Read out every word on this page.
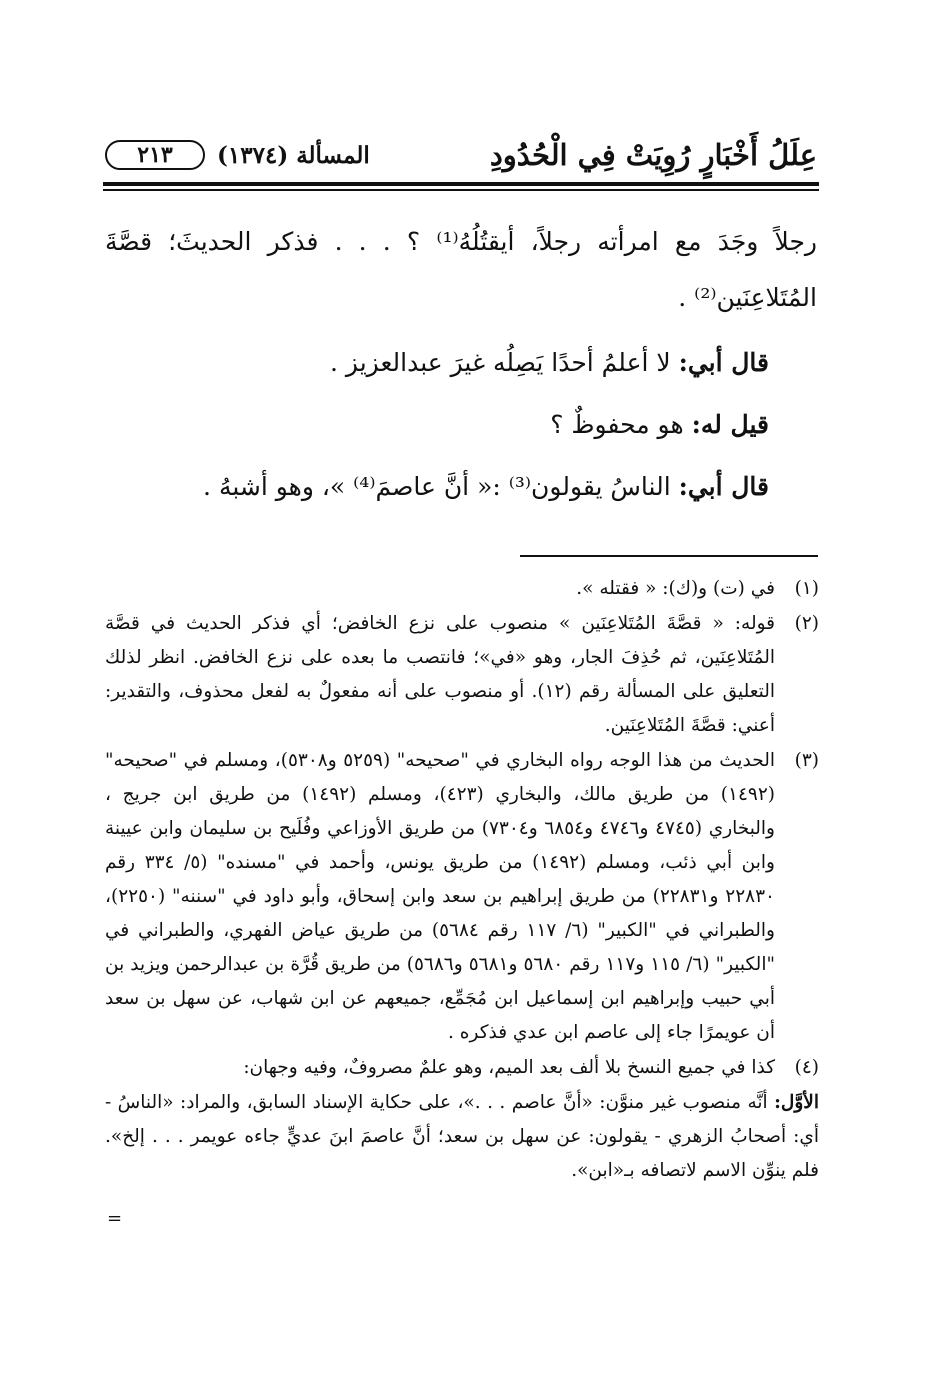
عِلَلُ أَخْبَارٍ رُوِيَتْ فِي الْحُدُودِ
المسألة (١٣٧٤)
٢١٣

رجلاً وجَدَ مع امرأته رجلاً، أيقتُلُهُ⁽¹⁾ ؟ . . . فذكر الحديثَ؛ قصَّةَ المُتَلاعِنَين⁽²⁾ .

قال أبي: لا أعلمُ أحدًا يَصِلُه غيرَ عبدالعزيز .

قيل له: هو محفوظٌ ؟

قال أبي: الناسُ يقولون⁽³⁾ :« أنَّ عاصمَ⁽⁴⁾ »، وهو أشبهُ .

(١)
في (ت) و(ك): « فقتله ».
(٢)
قوله: « قصَّةَ المُتَلاعِنَين » منصوب على نزع الخافض؛ أي فذكر الحديث في قصَّة المُتَلاعِنَين، ثم حُذِفَ الجار، وهو «في»؛ فانتصب ما بعده على نزع الخافض. انظر لذلك التعليق على المسألة رقم (١٢). أو منصوب على أنه مفعولٌ به لفعل محذوف، والتقدير: أعني: قصَّةَ المُتَلاعِنَين.
(٣)
الحديث من هذا الوجه رواه البخاري في "صحيحه" (٥٢٥٩ و٥٣٠٨)، ومسلم في "صحيحه" (١٤٩٢) من طريق مالك، والبخاري (٤٢٣)، ومسلم (١٤٩٢) من طريق ابن جريج ، والبخاري (٤٧٤٥ و٤٧٤٦ و٦٨٥٤ و٧٣٠٤) من طريق الأوزاعي وفُلَيح بن سليمان وابن عيينة وابن أبي ذئب، ومسلم (١٤٩٢) من طريق يونس، وأحمد في "مسنده" (٥/ ٣٣٤ رقم ٢٢٨٣٠ و٢٢٨٣١) من طريق إبراهيم بن سعد وابن إسحاق، وأبو داود في "سننه" (٢٢٥٠)، والطبراني في "الكبير" (٦/ ١١٧ رقم ٥٦٨٤) من طريق عياض الفهري، والطبراني في "الكبير" (٦/ ١١٥ و١١٧ رقم ٥٦٨٠ و٥٦٨١ و٥٦٨٦) من طريق قُرَّة بن عبدالرحمن ويزيد بن أبي حبيب وإبراهيم ابن إسماعيل ابن مُجَمِّع، جميعهم عن ابن شهاب، عن سهل بن سعد أن عويمرًا جاء إلى عاصم ابن عدي فذكره .
(٤)
كذا في جميع النسخ بلا ألف بعد الميم، وهو علمٌ مصروفٌ، وفيه وجهان:
الأوَّل: أنَّه منصوب غير منوَّن: «أنَّ عاصم . . .»، على حكاية الإسناد السابق، والمراد: «الناسُ - أي: أصحابُ الزهري - يقولون: عن سهل بن سعد؛ أنَّ عاصمَ ابنَ عديٍّ جاءه عويمر . . . إلخ». فلم ينوِّن الاسم لاتصافه بـ«ابن».
=
